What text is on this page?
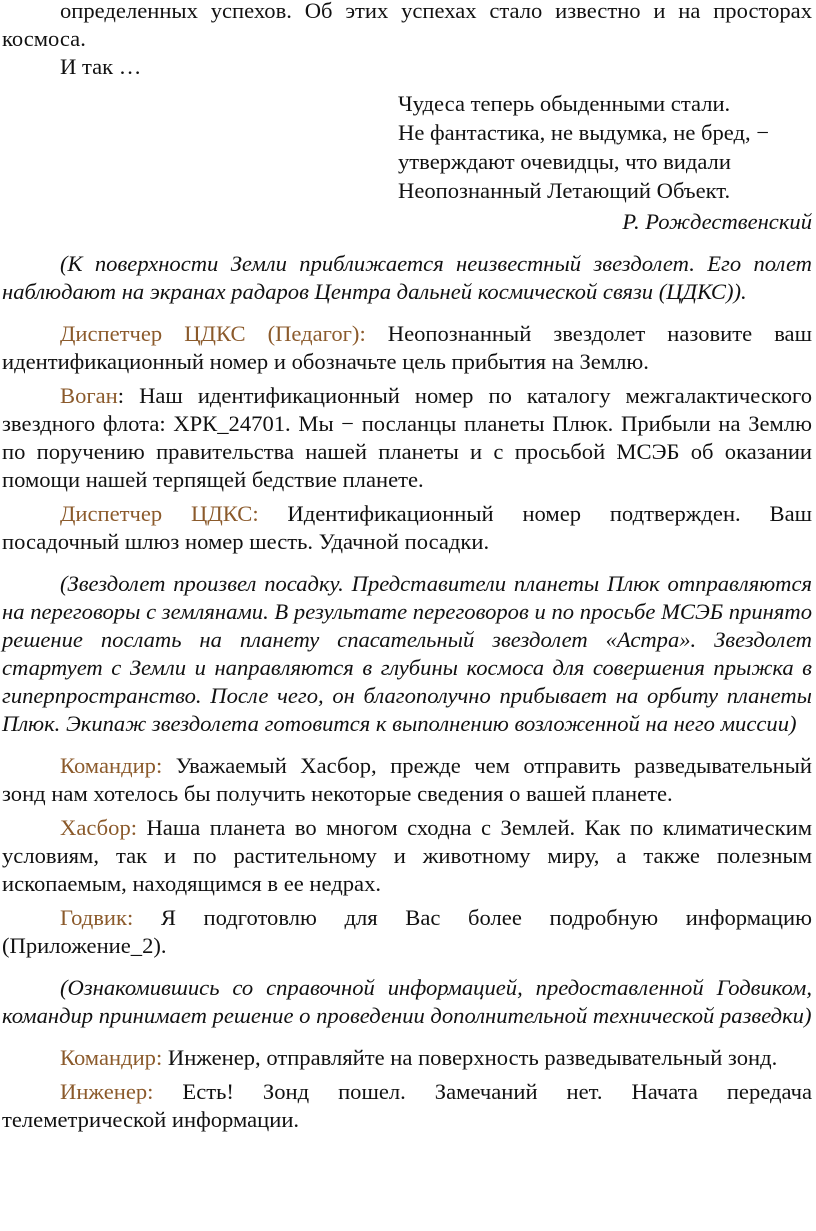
определенных успехов. Об этих успехах стало известно и на просторах космоса.

И так …

Чудеса теперь обыденными стали.
Не фантастика, не выдумка, не бред, −
утверждают очевидцы, что видали
Неопознанный Летающий Объект.

Р. Рождественский

(К поверхности Земли приближается неизвестный звездолет. Его полет наблюдают на экранах радаров Центра дальней космической связи (ЦДКС)).

Диспетчер ЦДКС (Педагог): Неопознанный звездолет назовите ваш идентификационный номер и обозначьте цель прибытия на Землю.

Воган: Наш идентификационный номер по каталогу межгалактического звездного флота: ХРК_24701. Мы − посланцы планеты Плюк. Прибыли на Землю по поручению правительства нашей планеты и с просьбой МСЭБ об оказании помощи нашей терпящей бедствие планете.

Диспетчер ЦДКС: Идентификационный номер подтвержден. Ваш посадочный шлюз номер шесть. Удачной посадки.

(Звездолет произвел посадку. Представители планеты Плюк отправляются на переговоры с землянами. В результате переговоров и по просьбе МСЭБ принято решение послать на планету спасательный звездолет «Астра». Звездолет стартует с Земли и направляются в глубины космоса для совершения прыжка в гиперпространство. После чего, он благополучно прибывает на орбиту планеты Плюк. Экипаж звездолета готовится к выполнению возложенной на него миссии)

Командир: Уважаемый Хасбор, прежде чем отправить разведывательный зонд нам хотелось бы получить некоторые сведения о вашей планете.

Хасбор: Наша планета во многом сходна с Землей. Как по климатическим условиям, так и по растительному и животному миру, а также полезным ископаемым, находящимся в ее недрах.

Годвик: Я подготовлю для Вас более подробную информацию (Приложение_2).

(Ознакомившись со справочной информацией, предоставленной Годвиком, командир принимает решение о проведении дополнительной технической разведки)

Командир: Инженер, отправляйте на поверхность разведывательный зонд.

Инженер: Есть! Зонд пошел. Замечаний нет. Начата передача телеметрической информации.
